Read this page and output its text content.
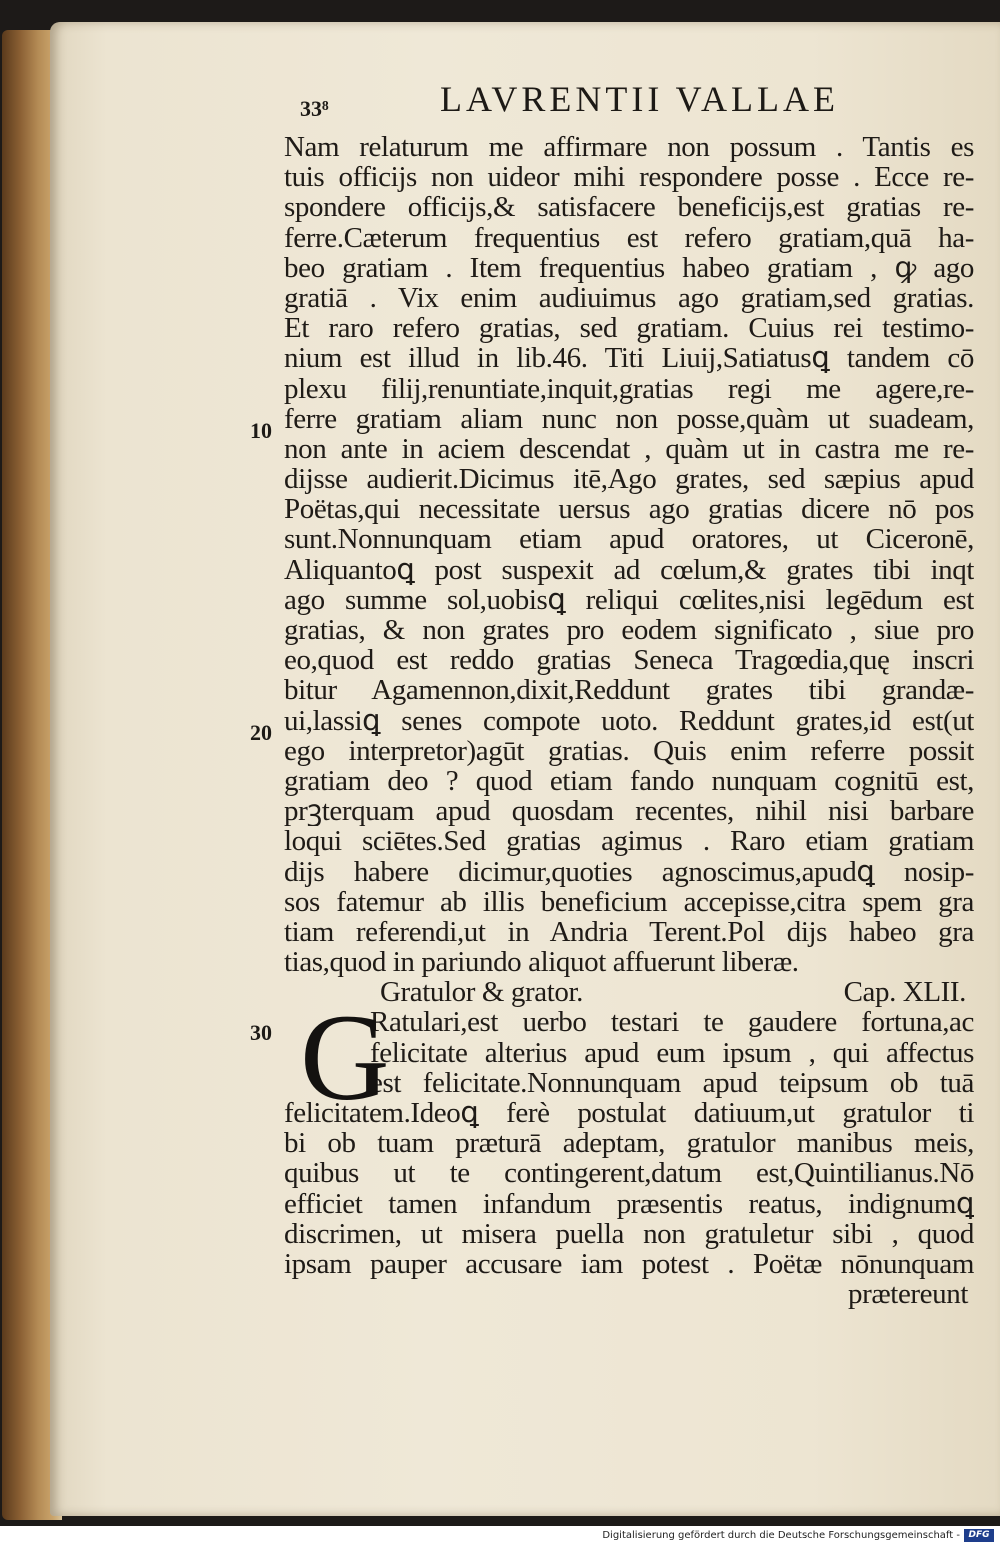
33⁸	LAVRENTII VALLAE
10
20
30
Nam relaturum me affirmare non possum . Tantis es
tuis officijs non uideor mihi respondere posse . Ecce re-
spondere officijs,& satisfacere beneficijs,est gratias re-
ferre.Cæterum frequentius est refero gratiam,quā ha-
beo gratiam . Item frequentius habeo gratiam , ꝙ ago
gratiā . Vix enim audiuimus ago gratiam,sed gratias.
Et raro refero gratias, sed gratiam. Cuius rei testimo-
nium est illud in lib.46. Titi Liuij,Satiatusꝗ tandem cō
plexu filij,renuntiate,inquit,gratias regi me agere,re-
ferre gratiam aliam nunc non posse,quàm ut suadeam,
non ante in aciem descendat , quàm ut in castra me re-
dijsse audierit.Dicimus itē,Ago grates, sed sæpius apud
Poëtas,qui necessitate uersus ago gratias dicere nō pos
sunt.Nonnunquam etiam apud oratores, ut Ciceronē,
Aliquantoꝗ post suspexit ad cœlum,& grates tibi inqt
ago summe sol,uobisꝗ reliqui cœlites,nisi legēdum est
gratias, & non grates pro eodem significato , siue pro
eo,quod est reddo gratias Seneca Tragœdia,quę inscri
bitur Agamennon,dixit,Reddunt grates tibi grandæ-
ui,lassiꝗ senes compote uoto. Reddunt grates,id est(ut
ego interpretor)agūt gratias. Quis enim referre possit
gratiam deo ? quod etiam fando nunquam cognitū est,
prꝫterquam apud quosdam recentes, nihil nisi barbare
loqui sciētes.Sed gratias agimus . Raro etiam gratiam
dijs habere dicimur,quoties agnoscimus,apudꝗ nosip-
sos fatemur ab illis beneficium accepisse,citra spem gra
tiam referendi,ut in Andria Terent.Pol dijs habeo gra
tias,quod in pariundo aliquot affuerunt liberæ.
Gratulor & grator.	Cap. XLII.
G
Ratulari,est uerbo testari te gaudere fortuna,ac
felicitate alterius apud eum ipsum , qui affectus
est felicitate.Nonnunquam apud teipsum ob tuā
felicitatem.Ideoꝗ ferè postulat datiuum,ut gratulor ti
bi ob tuam præturā adeptam, gratulor manibus meis,
quibus ut te contingerent,datum est,Quintilianus.Nō
efficiet tamen infandum præsentis reatus, indignumꝗ
discrimen, ut misera puella non gratuletur sibi , quod
ipsam pauper accusare iam potest . Poëtæ nōnunquam
prætereunt
Digitalisierung gefördert durch die Deutsche Forschungsgemeinschaft - DFG
